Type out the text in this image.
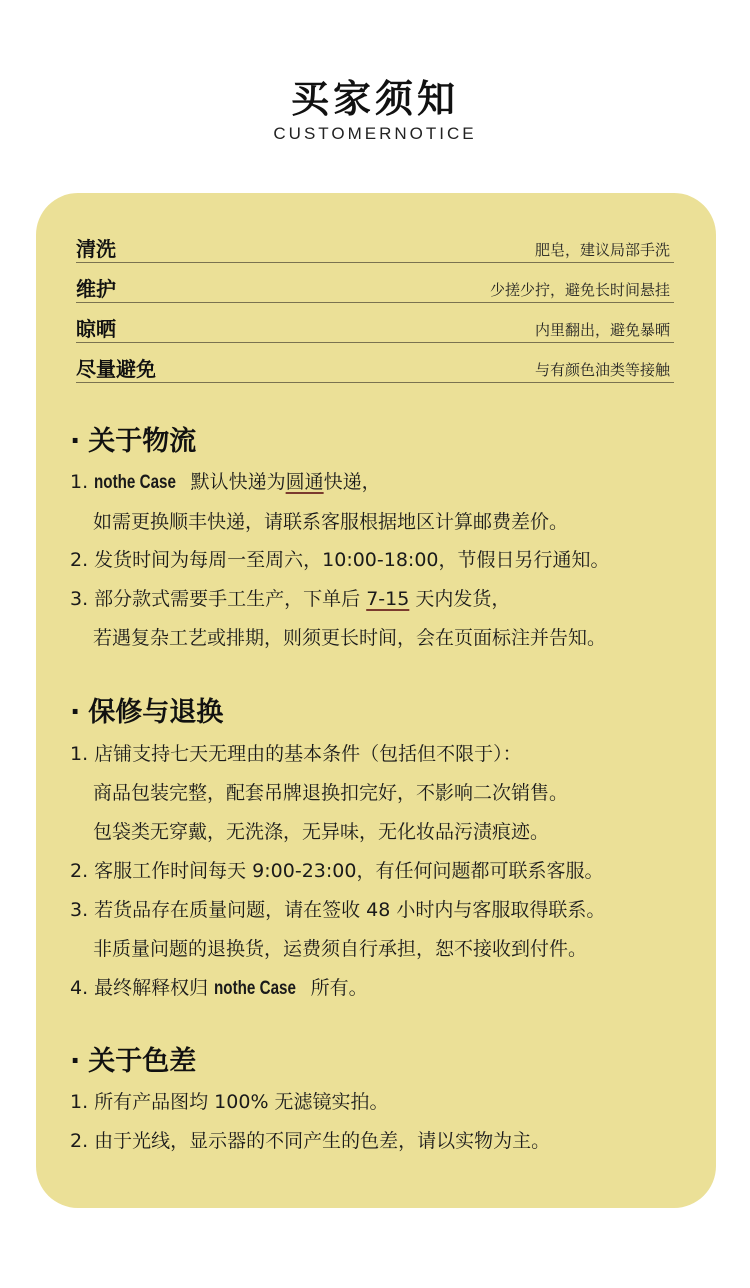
买家须知
CUSTOMERNOTICE
清洗	肥皂，建议局部手洗
维护	少搓少拧，避免长时间悬挂
晾晒	内里翻出，避免暴晒
尽量避免	与有颜色油类等接触
· 关于物流
1. nothe Case 默认快递为圆通快递，
如需更换顺丰快递，请联系客服根据地区计算邮费差价。
2. 发货时间为每周一至周六，10:00-18:00，节假日另行通知。
3. 部分款式需要手工生产，下单后 7-15 天内发货，
若遇复杂工艺或排期，则须更长时间，会在页面标注并告知。
· 保修与退换
1. 店铺支持七天无理由的基本条件（包括但不限于）：
商品包装完整，配套吊牌退换扣完好，不影响二次销售。
包袋类无穿戴，无洗涤，无异味，无化妆品污渍痕迹。
2. 客服工作时间每天 9:00-23:00，有任何问题都可联系客服。
3. 若货品存在质量问题，请在签收 48 小时内与客服取得联系。
非质量问题的退换货，运费须自行承担，恕不接收到付件。
4. 最终解释权归 nothe Case 所有。
· 关于色差
1. 所有产品图均 100% 无滤镜实拍。
2. 由于光线，显示器的不同产生的色差，请以实物为主。
